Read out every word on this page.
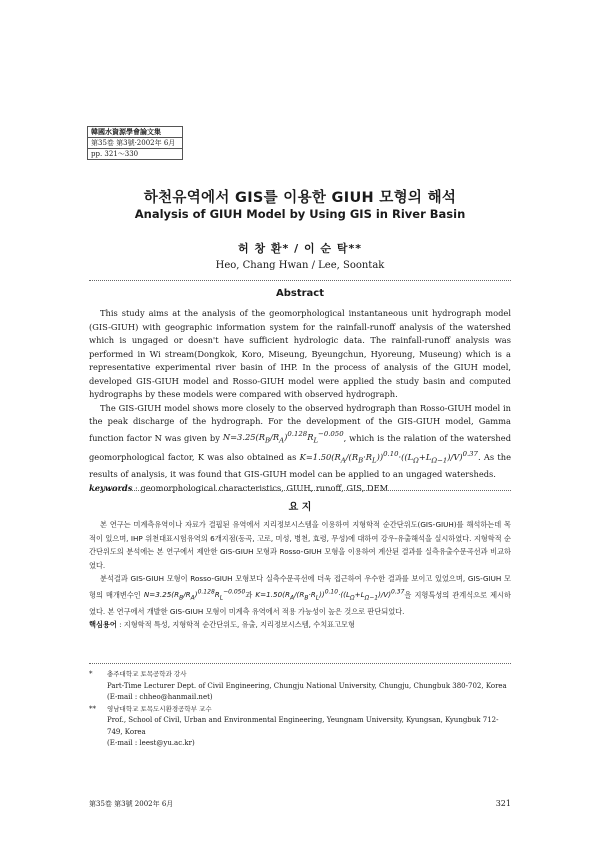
韓國水資源學會論文集
第35卷 第3號·2002年 6月
pp. 321～330
하천유역에서 GIS를 이용한 GIUH 모형의 해석
Analysis of GIUH Model by Using GIS in River Basin
허 창 환* / 이 순 탁**
Heo, Chang Hwan / Lee, Soontak
Abstract

This study aims at the analysis of the geomorphological instantaneous unit hydrograph model (GIS-GIUH) with geographic information system for the rainfall-runoff analysis of the watershed which is ungaged or doesn't have sufficient hydrologic data. The rainfall-runoff analysis was performed in Wi stream(Dongkok, Koro, Miseung, Byeungchun, Hyoreung, Museung) which is a representative experimental river basin of IHP. In the process of analysis of the GIUH model, developed GIS-GIUH model and Rosso-GIUH model were applied the study basin and computed hydrographs by these models were compared with observed hydrograph.

The GIS-GIUH model shows more closely to the observed hydrograph than Rosso-GIUH model in the peak discharge of the hydrograph. For the development of the GIS-GIUH model, Gamma function factor N was given by $N=3.25(R_B/R_A)^{0.128}R_L^{-0.050}$, which is the ralation of the watershed geomorphological factor, K was also obtained as $K=1.50(R_A/(R_B\cdot R_L))^{0.10}\cdot((L_\Omega+L_{\Omega-1})/V)^{0.37}$. As the results of analysis, it was found that GIS-GIUH model can be applied to an ungaged watersheds.

keywords : geomorphological characteristics, GIUH, runoff, GIS, DEM

요 지

본 연구는 미계측유역이나 자료가 결핍된 유역에서 지리정보시스템을 이용하여 지형학적 순간단위도(GIS-GIUH)를 해석하는데 목적이 있으며, IHP 위천대표시험유역의 6개지점(동곡, 고로, 미성, 병천, 효령, 무성)에 대하여 강우-유출해석을 실시하였다. 지형학적 순간단위도의 분석에는 본 연구에서 제안한 GIS-GIUH 모형과 Rosso-GIUH 모형을 이용하여 계산된 결과를 실측유출수문곡선과 비교하였다.

분석결과 GIS-GIUH 모형이 Rosso-GIUH 모형보다 실측수문곡선에 더욱 접근하여 우수한 결과를 보이고 있었으며, GIS-GIUH 모형의 매개변수인 $N=3.25(R_B/R_A)^{0.128}R_L^{-0.050}$과 $K=1.50(R_A/(R_B\cdot R_L))^{0.10}\cdot((L_\Omega+L_{\Omega-1})/V)^{0.37}$을 지형특성의 관계식으로 제시하였다. 본 연구에서 개발한 GIS-GIUH 모형이 미계측 유역에서 적용 가능성이 높은 것으로 판단되었다.

핵심용어 : 지형학적 특성, 지형학적 순간단위도, 유출, 지리정보시스템, 수치표고모형

* 충주대학교 토목공학과 강사
Part-Time Lecturer Dept. of Civil Engineering, Chungju National University, Chungju, Chungbuk 380-702, Korea
(E-mail : chheo@hanmail.net)
** 영남대학교 토목도시환경공학부 교수
Prof., School of Civil, Urban and Environmental Engineering, Yeungnam University, Kyungsan, Kyungbuk 712-749, Korea
(E-mail : leest@yu.ac.kr)
第35卷 第3號 2002年 6月	321
